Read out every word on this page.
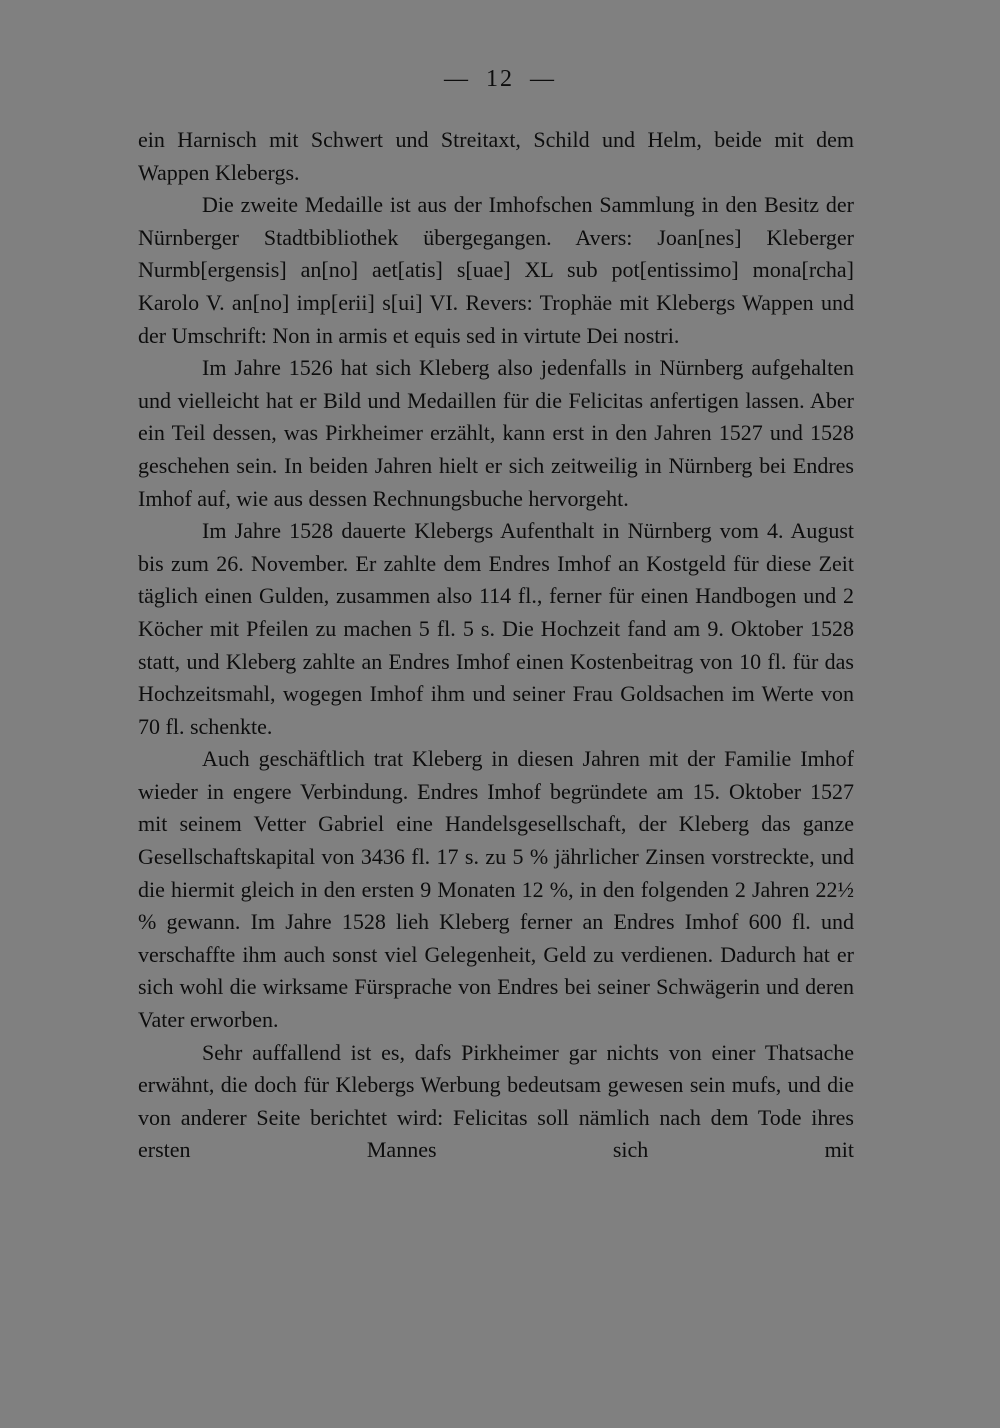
—  12  —

ein Harnisch mit Schwert und Streitaxt, Schild und Helm, beide mit dem Wappen Klebergs.

Die zweite Medaille ist aus der Imhofschen Sammlung in den Besitz der Nürnberger Stadtbibliothek übergegangen. Avers: Joan[nes] Kleberger Nurmb[ergensis] an[no] aet[atis] s[uae] XL sub pot[entissimo] mona[rcha] Karolo V. an[no] imp[erii] s[ui] VI. Revers: Trophäe mit Klebergs Wappen und der Umschrift: Non in armis et equis sed in virtute Dei nostri.

Im Jahre 1526 hat sich Kleberg also jedenfalls in Nürnberg aufgehalten und vielleicht hat er Bild und Medaillen für die Felicitas anfertigen lassen. Aber ein Teil dessen, was Pirkheimer erzählt, kann erst in den Jahren 1527 und 1528 geschehen sein. In beiden Jahren hielt er sich zeitweilig in Nürnberg bei Endres Imhof auf, wie aus dessen Rechnungsbuche hervorgeht.

Im Jahre 1528 dauerte Klebergs Aufenthalt in Nürnberg vom 4. August bis zum 26. November. Er zahlte dem Endres Imhof an Kostgeld für diese Zeit täglich einen Gulden, zusammen also 114 fl., ferner für einen Handbogen und 2 Köcher mit Pfeilen zu machen 5 fl. 5 s. Die Hochzeit fand am 9. Oktober 1528 statt, und Kleberg zahlte an Endres Imhof einen Kostenbeitrag von 10 fl. für das Hochzeitsmahl, wogegen Imhof ihm und seiner Frau Goldsachen im Werte von 70 fl. schenkte.

Auch geschäftlich trat Kleberg in diesen Jahren mit der Familie Imhof wieder in engere Verbindung. Endres Imhof begründete am 15. Oktober 1527 mit seinem Vetter Gabriel eine Handelsgesellschaft, der Kleberg das ganze Gesellschaftskapital von 3436 fl. 17 s. zu 5 % jährlicher Zinsen vorstreckte, und die hiermit gleich in den ersten 9 Monaten 12 %, in den folgenden 2 Jahren 22½ % gewann. Im Jahre 1528 lieh Kleberg ferner an Endres Imhof 600 fl. und verschaffte ihm auch sonst viel Gelegenheit, Geld zu verdienen. Dadurch hat er sich wohl die wirksame Fürsprache von Endres bei seiner Schwägerin und deren Vater erworben.

Sehr auffallend ist es, dafs Pirkheimer gar nichts von einer Thatsache erwähnt, die doch für Klebergs Werbung bedeutsam gewesen sein mufs, und die von anderer Seite berichtet wird: Felicitas soll nämlich nach dem Tode ihres ersten Mannes sich mit
